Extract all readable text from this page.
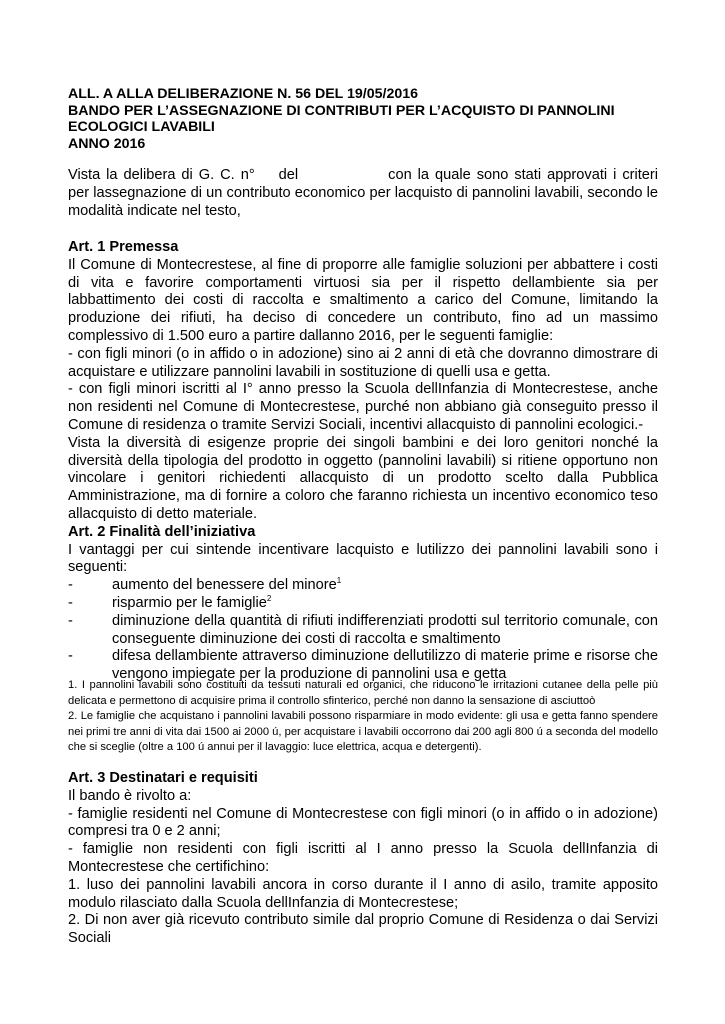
ALL. A ALLA DELIBERAZIONE N. 56 DEL 19/05/2016
BANDO PER L’ASSEGNAZIONE DI CONTRIBUTI PER L’ACQUISTO DI PANNOLINI ECOLOGICI LAVABILI
ANNO 2016

Vista la delibera di G. C. n° del	con la quale sono stati approvati i criteri per lassegnazione di un contributo economico per lacquisto di pannolini lavabili, secondo le modalità indicate nel testo,

Art. 1 Premessa

Il Comune di Montecrestese, al fine di proporre alle famiglie soluzioni per abbattere i costi di vita e favorire comportamenti virtuosi sia per il rispetto dellambiente sia per labbattimento dei costi di raccolta e smaltimento a carico del Comune, limitando la produzione dei rifiuti, ha deciso di concedere un contributo, fino ad un massimo complessivo di 1.500 euro a partire dallanno 2016, per le seguenti famiglie:

- con figli minori (o in affido o in adozione) sino ai 2 anni di età che dovranno dimostrare di acquistare e utilizzare pannolini lavabili in sostituzione di quelli usa e getta.

- con figli minori iscritti al I° anno presso la Scuola dellInfanzia di Montecrestese, anche non residenti nel Comune di Montecrestese, purché non abbiano già conseguito presso il Comune di residenza o tramite Servizi Sociali, incentivi allacquisto di pannolini ecologici.-

Vista la diversità di esigenze proprie dei singoli bambini e dei loro genitori nonché la diversità della tipologia del prodotto in oggetto (pannolini lavabili) si ritiene opportuno non vincolare i genitori richiedenti allacquisto di un prodotto scelto dalla Pubblica Amministrazione, ma di fornire a coloro che faranno richiesta un incentivo economico teso allacquisto di detto materiale.

Art. 2 Finalità dell’iniziativa

I vantaggi per cui sintende incentivare lacquisto e lutilizzo dei pannolini lavabili sono i seguenti:

-	aumento del benessere del minore$^1$
-	risparmio per le famiglie$^2$
-	diminuzione della quantità di rifiuti indifferenziati prodotti sul territorio comunale, con conseguente diminuzione dei costi di raccolta e smaltimento
-	difesa dellambiente attraverso diminuzione dellutilizzo di materie prime e risorse che vengono impiegate per la produzione di pannolini usa e getta

1. I pannolini lavabili sono costituiti da tessuti naturali ed organici, che riducono le irritazioni cutanee della pelle più delicata e permettono di acquisire prima il controllo sfinterico, perché non danno la sensazione di asciuttoò

2. Le famiglie che acquistano i pannolini lavabili possono risparmiare in modo evidente: gli usa e getta fanno spendere nei primi tre anni di vita dai 1500 ai 2000 ú, per acquistare i lavabili occorrono dai 200 agli 800 ú a seconda del modello che si sceglie (oltre a 100 ú annui per il lavaggio: luce elettrica, acqua e detergenti).

Art. 3 Destinatari e requisiti

Il bando è rivolto a:

- famiglie residenti nel Comune di Montecrestese con figli minori (o in affido o in adozione) compresi tra 0 e 2 anni;

- famiglie non residenti con figli iscritti al I anno presso la Scuola dellInfanzia di Montecrestese che certifichino:

1. luso dei pannolini lavabili ancora in corso durante il I anno di asilo, tramite apposito modulo rilasciato dalla Scuola dellInfanzia di Montecrestese;

2. Di non aver già ricevuto contributo simile dal proprio Comune di Residenza o dai Servizi Sociali
